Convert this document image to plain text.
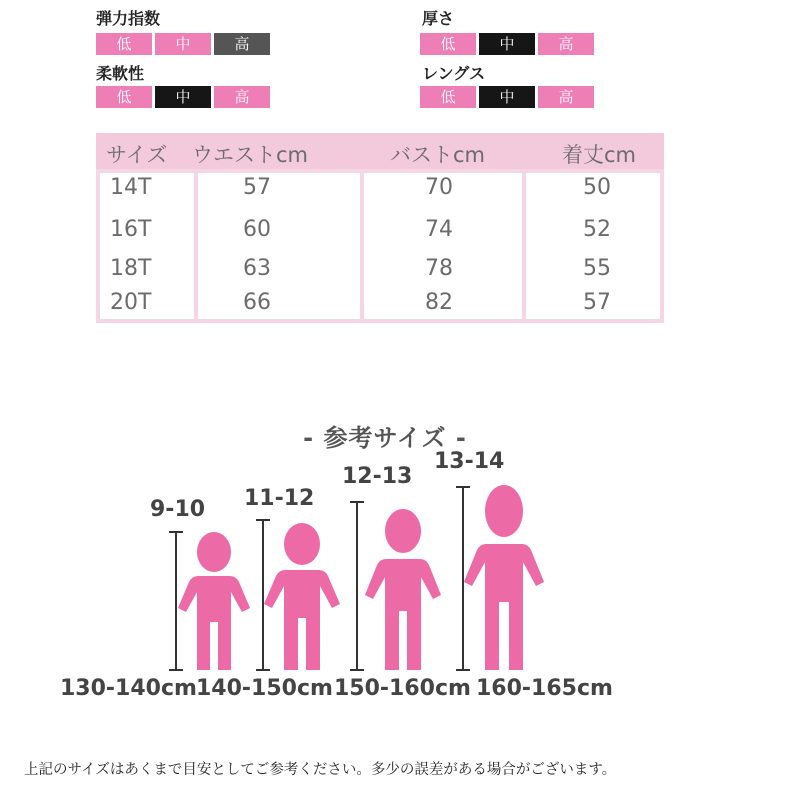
弾力指数
低	中	高
厚さ
低	中	高
柔軟性
低	中	高
レングス
低	中	高
サイズ ウエストcm	バストcm	着丈cm
14T	57	70	50
16T	60	74	52
18T	63	78	55
20T	66	82	57
- 参考サイズ -
9-10 11-12
12-13
13-14
130-140cm 140-150cm 150-160cm 160-165cm
上記のサイズはあくまで目安としてご参考ください。多少の誤差がある場合がございます。
